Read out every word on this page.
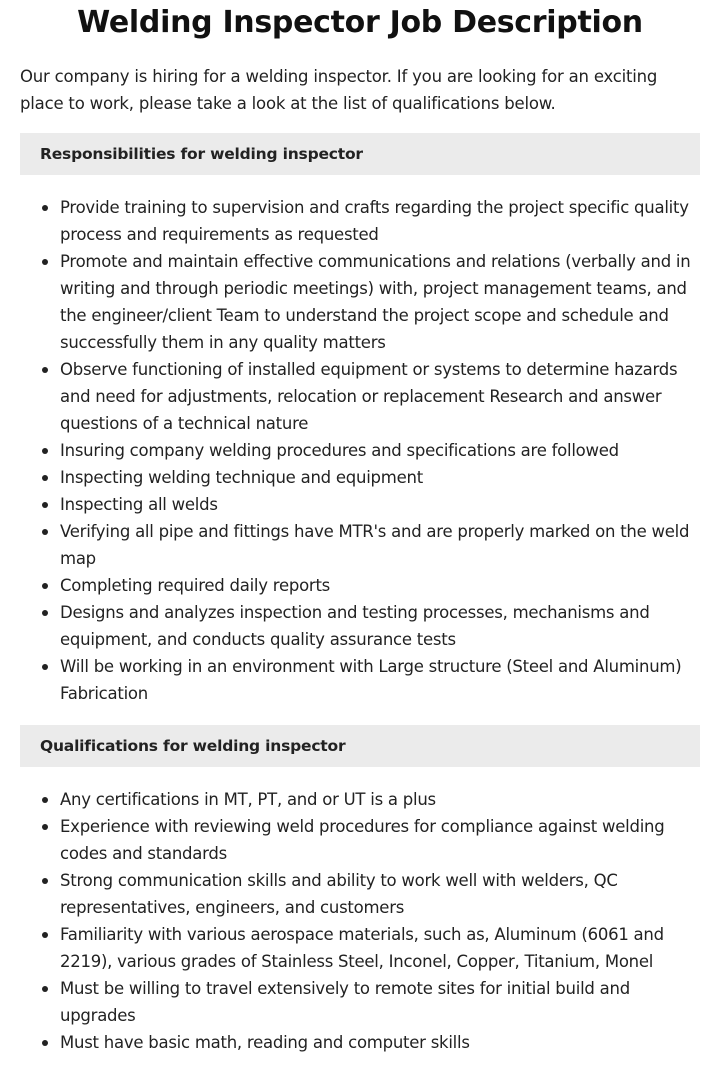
Welding Inspector Job Description

Our company is hiring for a welding inspector. If you are looking for an exciting place to work, please take a look at the list of qualifications below.

Responsibilities for welding inspector
Provide training to supervision and crafts regarding the project specific quality process and requirements as requested
Promote and maintain effective communications and relations (verbally and in writing and through periodic meetings) with, project management teams, and the engineer/client Team to understand the project scope and schedule and successfully them in any quality matters
Observe functioning of installed equipment or systems to determine hazards and need for adjustments, relocation or replacement Research and answer questions of a technical nature
Insuring company welding procedures and specifications are followed
Inspecting welding technique and equipment
Inspecting all welds
Verifying all pipe and fittings have MTR's and are properly marked on the weld map
Completing required daily reports
Designs and analyzes inspection and testing processes, mechanisms and equipment, and conducts quality assurance tests
Will be working in an environment with Large structure (Steel and Aluminum) Fabrication
Qualifications for welding inspector
Any certifications in MT, PT, and or UT is a plus
Experience with reviewing weld procedures for compliance against welding codes and standards
Strong communication skills and ability to work well with welders, QC representatives, engineers, and customers
Familiarity with various aerospace materials, such as, Aluminum (6061 and 2219), various grades of Stainless Steel, Inconel, Copper, Titanium, Monel
Must be willing to travel extensively to remote sites for initial build and upgrades
Must have basic math, reading and computer skills
